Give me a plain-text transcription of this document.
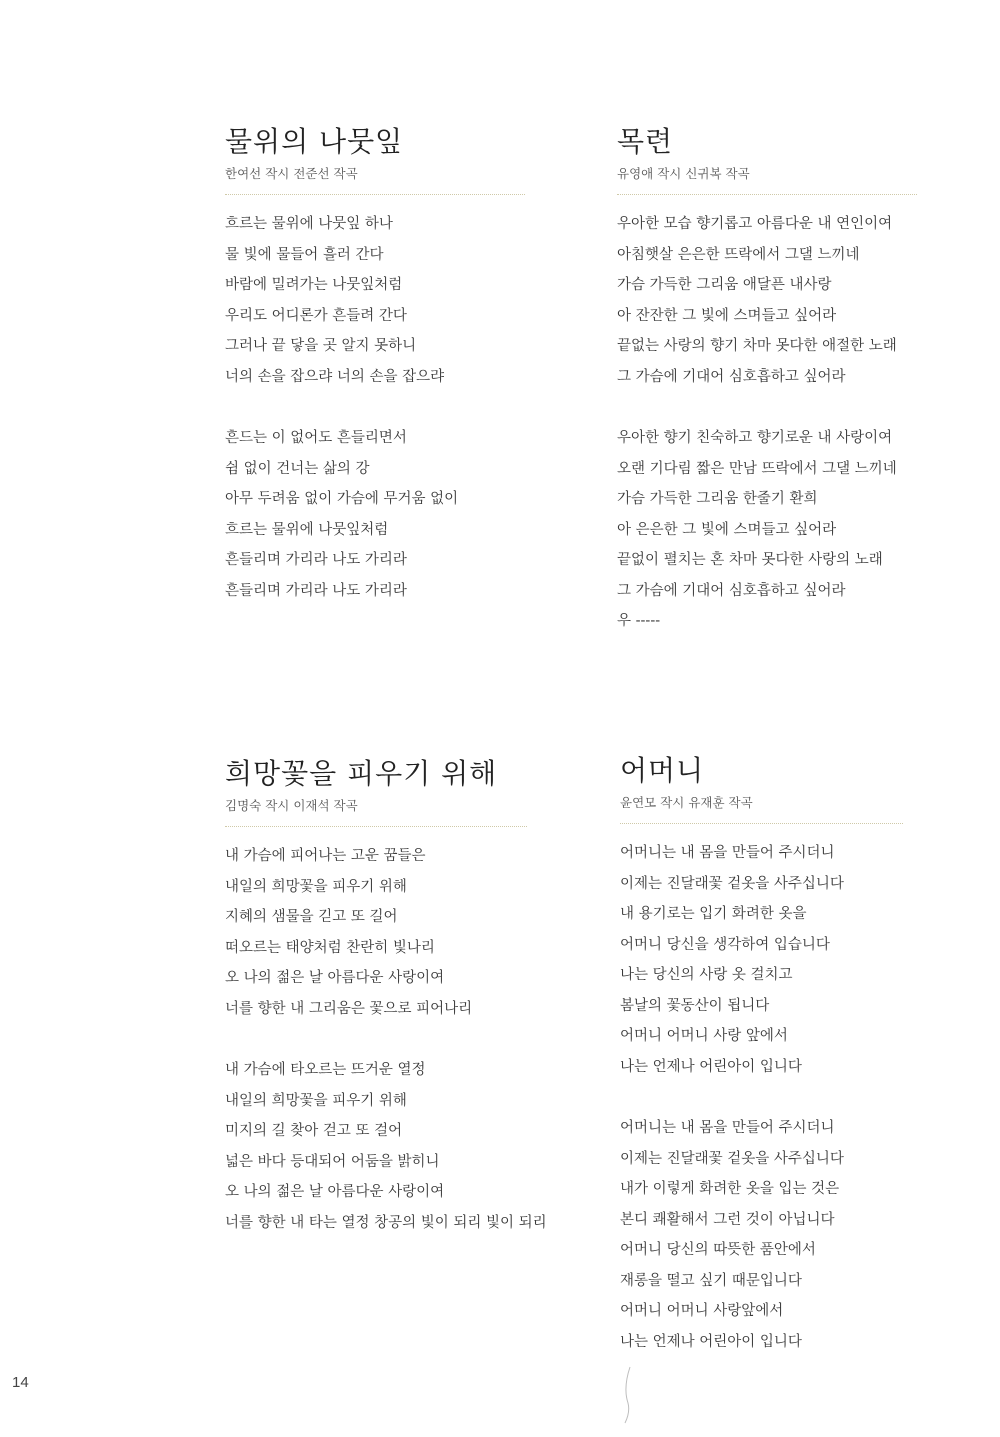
물위의 나뭇잎
한여선 작시 전준선 작곡
흐르는 물위에 나뭇잎 하나
물 빛에 물들어 흘러 간다
바람에 밀려가는 나뭇잎처럼
우리도 어디론가 흔들려 간다
그러나 끝 닿을 곳 알지 못하니
너의 손을 잡으랴 너의 손을 잡으랴
흔드는 이 없어도 흔들리면서
쉼 없이 건너는 삶의 강
아무 두려움 없이 가슴에 무거움 없이
흐르는 물위에 나뭇잎처럼
흔들리며 가리라 나도 가리라
흔들리며 가리라 나도 가리라
목련
유영애 작시 신귀복 작곡
우아한 모습 향기롭고 아름다운 내 연인이여
아침햇살 은은한 뜨락에서 그댈 느끼네
가슴 가득한 그리움 애달픈 내사랑
아 잔잔한 그 빛에 스며들고 싶어라
끝없는 사랑의 향기 차마 못다한 애절한 노래
그 가슴에 기대어 심호흡하고 싶어라
우아한 향기 친숙하고 향기로운 내 사랑이여
오랜 기다림 짧은 만남 뜨락에서 그댈 느끼네
가슴 가득한 그리움 한줄기 환희
아 은은한 그 빛에 스며들고 싶어라
끝없이 펼치는 혼 차마 못다한 사랑의 노래
그 가슴에 기대어 심호흡하고 싶어라
우 -----
희망꽃을 피우기 위해
김명숙 작시 이재석 작곡
내 가슴에 피어나는 고운 꿈들은
내일의 희망꽃을 피우기 위해
지혜의 샘물을 긷고 또 길어
떠오르는 태양처럼 찬란히 빛나리
오 나의 젊은 날 아름다운 사랑이여
너를 향한 내 그리움은 꽃으로 피어나리
내 가슴에 타오르는 뜨거운 열정
내일의 희망꽃을 피우기 위해
미지의 길 찾아 걷고 또 걸어
넓은 바다 등대되어 어둠을 밝히니
오 나의 젊은 날 아름다운 사랑이여
너를 향한 내 타는 열정 창공의 빛이 되리 빛이 되리
어머니
윤연모 작시 유재훈 작곡
어머니는 내 몸을 만들어 주시더니
이제는 진달래꽃 겉옷을 사주십니다
내 용기로는 입기 화려한 옷을
어머니 당신을 생각하여 입습니다
나는 당신의 사랑 옷 걸치고
봄날의 꽃동산이 됩니다
어머니 어머니 사랑 앞에서
나는 언제나 어린아이 입니다
어머니는 내 몸을 만들어 주시더니
이제는 진달래꽃 겉옷을 사주십니다
내가 이렇게 화려한 옷을 입는 것은
본디 쾌활해서 그런 것이 아닙니다
어머니 당신의 따뜻한 품안에서
재롱을 떨고 싶기 때문입니다
어머니 어머니 사랑앞에서
나는 언제나 어린아이 입니다
14
